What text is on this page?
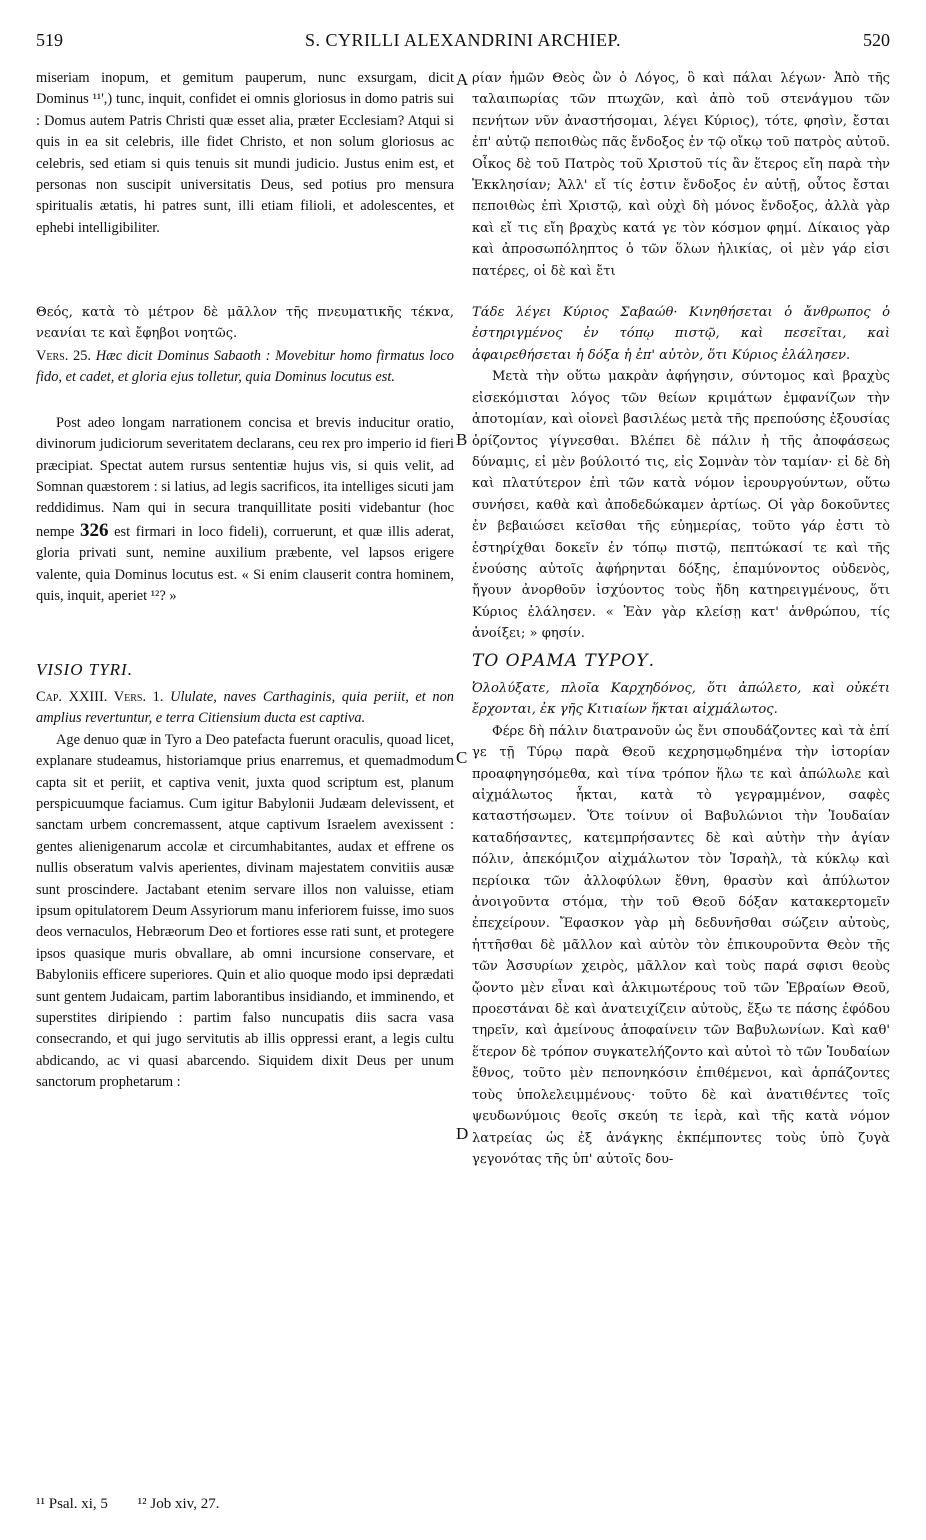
519	S. CYRILLI ALEXANDRINI ARCHIEP.	520
A
B
C
D

miseriam inopum, et gemitum pauperum, nunc exsurgam, dicit Dominus ¹¹',) tunc, inquit, confidet ei omnis gloriosus in domo patris sui : Domus autem Patris Christi quæ esset alia, præter Ecclesiam? Atqui si quis in ea sit celebris, ille fidet Christo, et non solum gloriosus ac celebris, sed etiam si quis tenuis sit mundi judicio. Justus enim est, et personas non suscipit universitatis Deus, sed potius pro mensura spiritualis ætatis, hi patres sunt, illi etiam filioli, et adolescentes, et ephebi intelligibiliter.

Θεός, κατὰ τὸ μέτρον δὲ μᾶλλον τῆς πνευματικῆς τέκνα, νεανίαι τε καὶ ἔφηβοι νοητῶς.

Vers. 25. Hæc dicit Dominus Sabaoth : Movebitur homo firmatus loco fido, et cadet, et gloria ejus tolletur, quia Dominus locutus est.

Post adeo longam narrationem concisa et brevis inducitur oratio, divinorum judiciorum severitatem declarans, ceu rex pro imperio id fieri præcipiat. Spectat autem rursus sententiæ hujus vis, si quis velit, ad Somnan quæstorem : si latius, ad legis sacrificos, ita intelliges sicuti jam reddidimus. Nam qui in secura tranquillitate positi videbantur (hoc nempe 326 est firmari in loco fideli), corruerunt, et quæ illis aderat, gloria privati sunt, nemine auxilium præbente, vel lapsos erigere valente, quia Dominus locutus est. « Si enim clauserit contra hominem, quis, inquit, aperiet ¹²? »

VISIO TYRI.

Cap. XXIII. Vers. 1. Ululate, naves Carthaginis, quia periit, et non amplius revertuntur, e terra Citiensium ducta est captiva.

Age denuo quæ in Tyro a Deo patefacta fuerunt oraculis, quoad licet, explanare studeamus, historiamque prius enarremus, et quemadmodum capta sit et periit, et captiva venit, juxta quod scriptum est, planum perspicuumque faciamus. Cum igitur Babylonii Judæam delevissent, et sanctam urbem concremassent, atque captivum Israelem avexissent : gentes alienigenarum accolæ et circumhabitantes, audax et effrene os nullis obseratum valvis aperientes, divinam majestatem convitiis ausæ sunt proscindere. Jactabant etenim servare illos non valuisse, etiam ipsum opitulatorem Deum Assyriorum manu inferiorem fuisse, imo suos deos vernaculos, Hebræorum Deo et fortiores esse rati sunt, et protegere ipsos quasique muris obvallare, ab omni incursione conservare, et Babyloniis efficere superiores. Quin et alio quoque modo ipsi deprædati sunt gentem Judaicam, partim laborantibus insidiando, et imminendo, et superstites diripiendo : partim falso nuncupatis diis sacra vasa consecrando, et qui jugo servitutis ab illis oppressi erant, a legis cultu abdicando, ac vi quasi abarcendo. Siquidem dixit Deus per unum sanctorum prophetarum :

ρίαν ἡμῶν Θεὸς ὢν ὁ Λόγος, ὃ καὶ πάλαι λέγων· Ἀπὸ τῆς ταλαιπωρίας τῶν πτωχῶν, καὶ ἀπὸ τοῦ στενάγμου τῶν πενήτων νῦν ἀναστήσομαι, λέγει Κύριος), τότε, φησὶν, ἔσται ἐπ' αὐτῷ πεποιθὼς πᾶς ἔνδοξος ἐν τῷ οἴκῳ τοῦ πατρὸς αὐτοῦ. Οἶκος δὲ τοῦ Πατρὸς τοῦ Χριστοῦ τίς ἂν ἕτερος εἴη παρὰ τὴν Ἐκκλησίαν; Ἀλλ' εἴ τίς ἐστιν ἔνδοξος ἐν αὐτῇ, οὗτος ἔσται πεποιθὼς ἐπὶ Χριστῷ, καὶ οὐχὶ δὴ μόνος ἔνδοξος, ἀλλὰ γὰρ καὶ εἴ τις εἴη βραχὺς κατά γε τὸν κόσμον φημί. Δίκαιος γὰρ καὶ ἀπροσωπόληπτος ὁ τῶν ὅλων ἡλικίας, οἱ μὲν γάρ εἰσι πατέρες, οἱ δὲ καὶ ἔτι

Τάδε λέγει Κύριος Σαβαώθ· Κινηθήσεται ὁ ἄνθρωπος ὁ ἐστηριγμένος ἐν τόπῳ πιστῷ, καὶ πεσεῖται, καὶ ἀφαιρεθήσεται ἡ δόξα ἡ ἐπ' αὐτὸν, ὅτι Κύριος ἐλάλησεν.

Μετὰ τὴν οὕτω μακρὰν ἀφήγησιν, σύντομος καὶ βραχὺς εἰσεκόμισται λόγος τῶν θείων κριμάτων ἐμφανίζων τὴν ἀποτομίαν, καὶ οἱονεὶ βασιλέως μετὰ τῆς πρεπούσης ἐξουσίας ὁρίζοντος γίγνεσθαι. Βλέπει δὲ πάλιν ἡ τῆς ἀποφάσεως δύναμις, εἰ μὲν βούλοιτό τις, εἰς Σομνὰν τὸν ταμίαν· εἰ δὲ δὴ καὶ πλατύτερον ἐπὶ τῶν κατὰ νόμον ἱερουργούντων, οὕτω συνήσει, καθὰ καὶ ἀποδεδώκαμεν ἀρτίως. Οἱ γὰρ δοκοῦντες ἐν βεβαιώσει κεῖσθαι τῆς εὐημερίας, τοῦτο γάρ ἐστι τὸ ἐστηρίχθαι δοκεῖν ἐν τόπῳ πιστῷ, πεπτώκασί τε καὶ τῆς ἐνούσης αὐτοῖς ἀφήρηνται δόξης, ἐπαμύνοντος οὐδενὸς, ἤγουν ἀνορθοῦν ἰσχύοντος τοὺς ἤδη κατηρειγμένους, ὅτι Κύριος ἐλάλησεν. « Ἐὰν γὰρ κλείσῃ κατ' ἀνθρώπου, τίς ἀνοίξει; » φησίν.

ΤΟ ΟΡΑΜΑ ΤΥΡΟΥ.

Ὀλολύξατε, πλοῖα Καρχηδόνος, ὅτι ἀπώλετο, καὶ οὐκέτι ἔρχονται, ἐκ γῆς Κιτιαίων ἥκται αἰχμάλωτος.

Φέρε δὴ πάλιν διατρανοῦν ὡς ἔνι σπουδάζοντες καὶ τὰ ἐπί γε τῇ Τύρῳ παρὰ Θεοῦ κεχρησμῳδημένα τὴν ἱστορίαν προαφηγησόμεθα, καὶ τίνα τρόπον ἥλω τε καὶ ἀπώλωλε καὶ αἰχμάλωτος ἧκται, κατὰ τὸ γεγραμμένον, σαφὲς καταστήσωμεν. Ὅτε τοίνυν οἱ Βαβυλώνιοι τὴν Ἰουδαίαν καταδήσαντες, κατεμπρήσαντες δὲ καὶ αὐτὴν τὴν ἁγίαν πόλιν, ἀπεκόμιζον αἰχμάλωτον τὸν Ἰσραὴλ, τὰ κύκλῳ καὶ περίοικα τῶν ἀλλοφύλων ἔθνη, θρασὺν καὶ ἀπύλωτον ἀνοιγοῦντα στόμα, τὴν τοῦ Θεοῦ δόξαν κατακερτομεῖν ἐπεχείρουν. Ἔφασκον γὰρ μὴ δεδυνῆσθαι σώζειν αὐτοὺς, ἡττῆσθαι δὲ μᾶλλον καὶ αὐτὸν τὸν ἐπικουροῦντα Θεὸν τῆς τῶν Ἀσσυρίων χειρὸς, μᾶλλον καὶ τοὺς παρά σφισι θεοὺς ᾤοντο μὲν εἶναι καὶ ἀλκιμωτέρους τοῦ τῶν Ἑβραίων Θεοῦ, προεστάναι δὲ καὶ ἀνατειχίζειν αὐτοὺς, ἔξω τε πάσης ἐφόδου τηρεῖν, καὶ ἀμείνους ἀποφαίνειν τῶν Βαβυλωνίων. Καὶ καθ' ἕτερον δὲ τρόπον συγκατελήζοντο καὶ αὐτοὶ τὸ τῶν Ἰουδαίων ἔθνος, τοῦτο μὲν πεπονηκόσιν ἐπιθέμενοι, καὶ ἁρπάζοντες τοὺς ὑπολελειμμένους· τοῦτο δὲ καὶ ἀνατιθέντες τοῖς ψευδωνύμοις θεοῖς σκεύη τε ἱερὰ, καὶ τῆς κατὰ νόμον λατρείας ὡς ἐξ ἀνάγκης ἐκπέμποντες τοὺς ὑπὸ ζυγὰ γεγονότας τῆς ὑπ' αὐτοῖς δου-

¹¹ Psal. xi, 5 ¹² Job xiv, 27.
